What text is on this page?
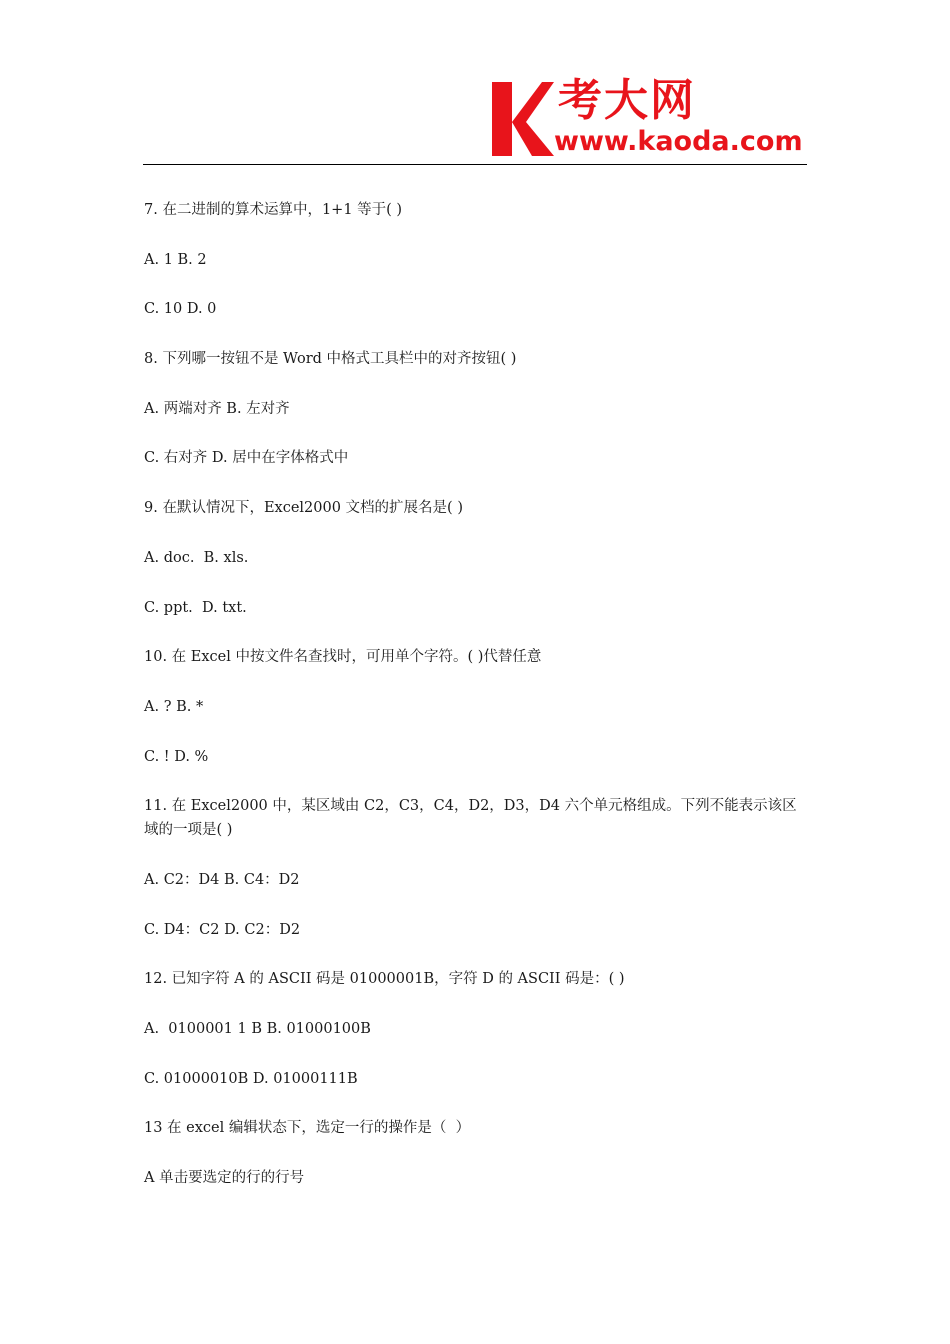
考大网
www.kaoda.com

7. 在二进制的算术运算中，1+1 等于( )

A. 1 B. 2

C. 10 D. 0

8. 下列哪一按钮不是 Word 中格式工具栏中的对齐按钮( )

A. 两端对齐 B. 左对齐

C. 右对齐 D. 居中在字体格式中

9. 在默认情况下，Excel2000 文档的扩展名是( )

A. doc.  B. xls.

C. ppt.  D. txt.

10. 在 Excel 中按文件名查找时，可用单个字符。( )代替任意

A. ? B. *

C. ! D. %

11. 在 Excel2000 中，某区域由 C2，C3，C4，D2，D3，D4 六个单元格组成。下列不能表示该区域的一项是( )

A. C2：D4 B. C4：D2

C. D4：C2 D. C2：D2

12. 已知字符 A 的 ASCII 码是 01000001B，字符 D 的 ASCII 码是：( )

A.  0100001 1 B B. 01000100B

C. 01000010B D. 01000111B

13 在 excel 编辑状态下，选定一行的操作是（  ）

A 单击要选定的行的行号
